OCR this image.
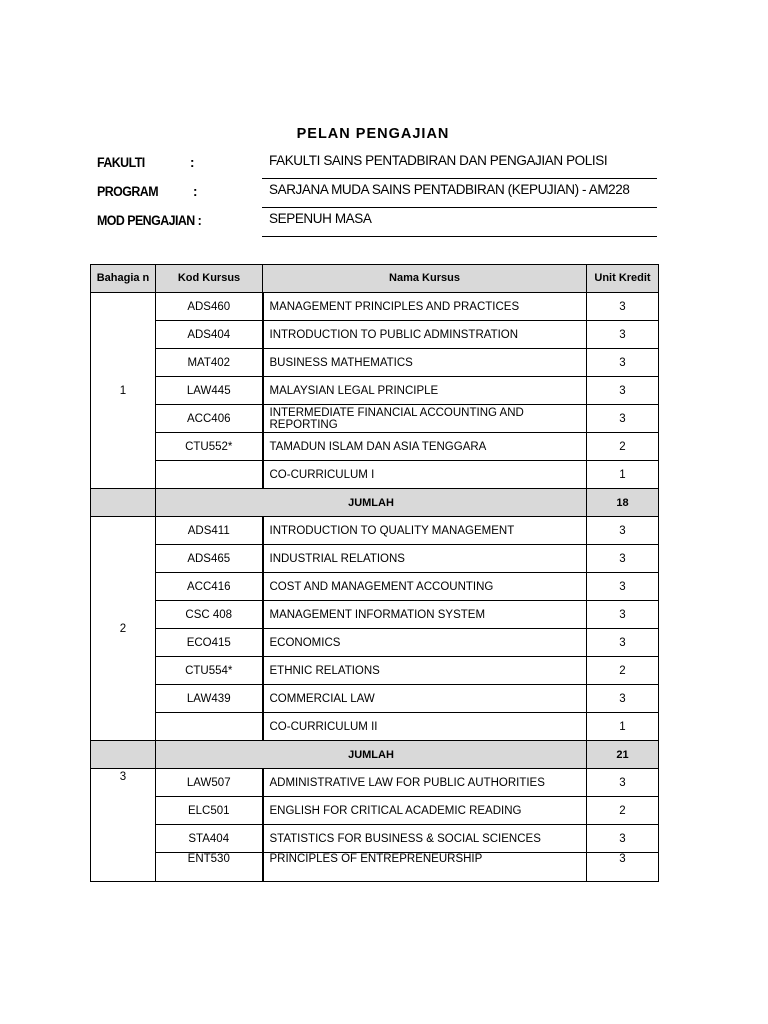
PELAN PENGAJIAN
FAKULTI	:	FAKULTI SAINS PENTADBIRAN DAN PENGAJIAN POLISI
PROGRAM	:	SARJANA MUDA SAINS PENTADBIRAN (KEPUJIAN) - AM228
MOD PENGAJIAN :	SEPENUH MASA
Bahagia n	Kod Kursus	Nama Kursus	Unit Kredit
1	ADS460	MANAGEMENT PRINCIPLES AND PRACTICES	3
	ADS404	INTRODUCTION TO PUBLIC ADMINSTRATION	3
	MAT402	BUSINESS MATHEMATICS	3
	LAW445	MALAYSIAN LEGAL PRINCIPLE	3
	ACC406	INTERMEDIATE FINANCIAL ACCOUNTING AND REPORTING	3
	CTU552*	TAMADUN ISLAM DAN ASIA TENGGARA	2
		CO-CURRICULUM I	1
	JUMLAH		18
2	ADS411	INTRODUCTION TO QUALITY MANAGEMENT	3
	ADS465	INDUSTRIAL RELATIONS	3
	ACC416	COST AND MANAGEMENT ACCOUNTING	3
	CSC 408	MANAGEMENT INFORMATION SYSTEM	3
	ECO415	ECONOMICS	3
	CTU554*	ETHNIC RELATIONS	2
	LAW439	COMMERCIAL LAW	3
		CO-CURRICULUM II	1
	JUMLAH		21
3	LAW507	ADMINISTRATIVE LAW FOR PUBLIC AUTHORITIES	3
	ELC501	ENGLISH FOR CRITICAL ACADEMIC READING	2
	STA404	STATISTICS FOR BUSINESS & SOCIAL SCIENCES	3
	ENT530	PRINCIPLES OF ENTREPRENEURSHIP	3
